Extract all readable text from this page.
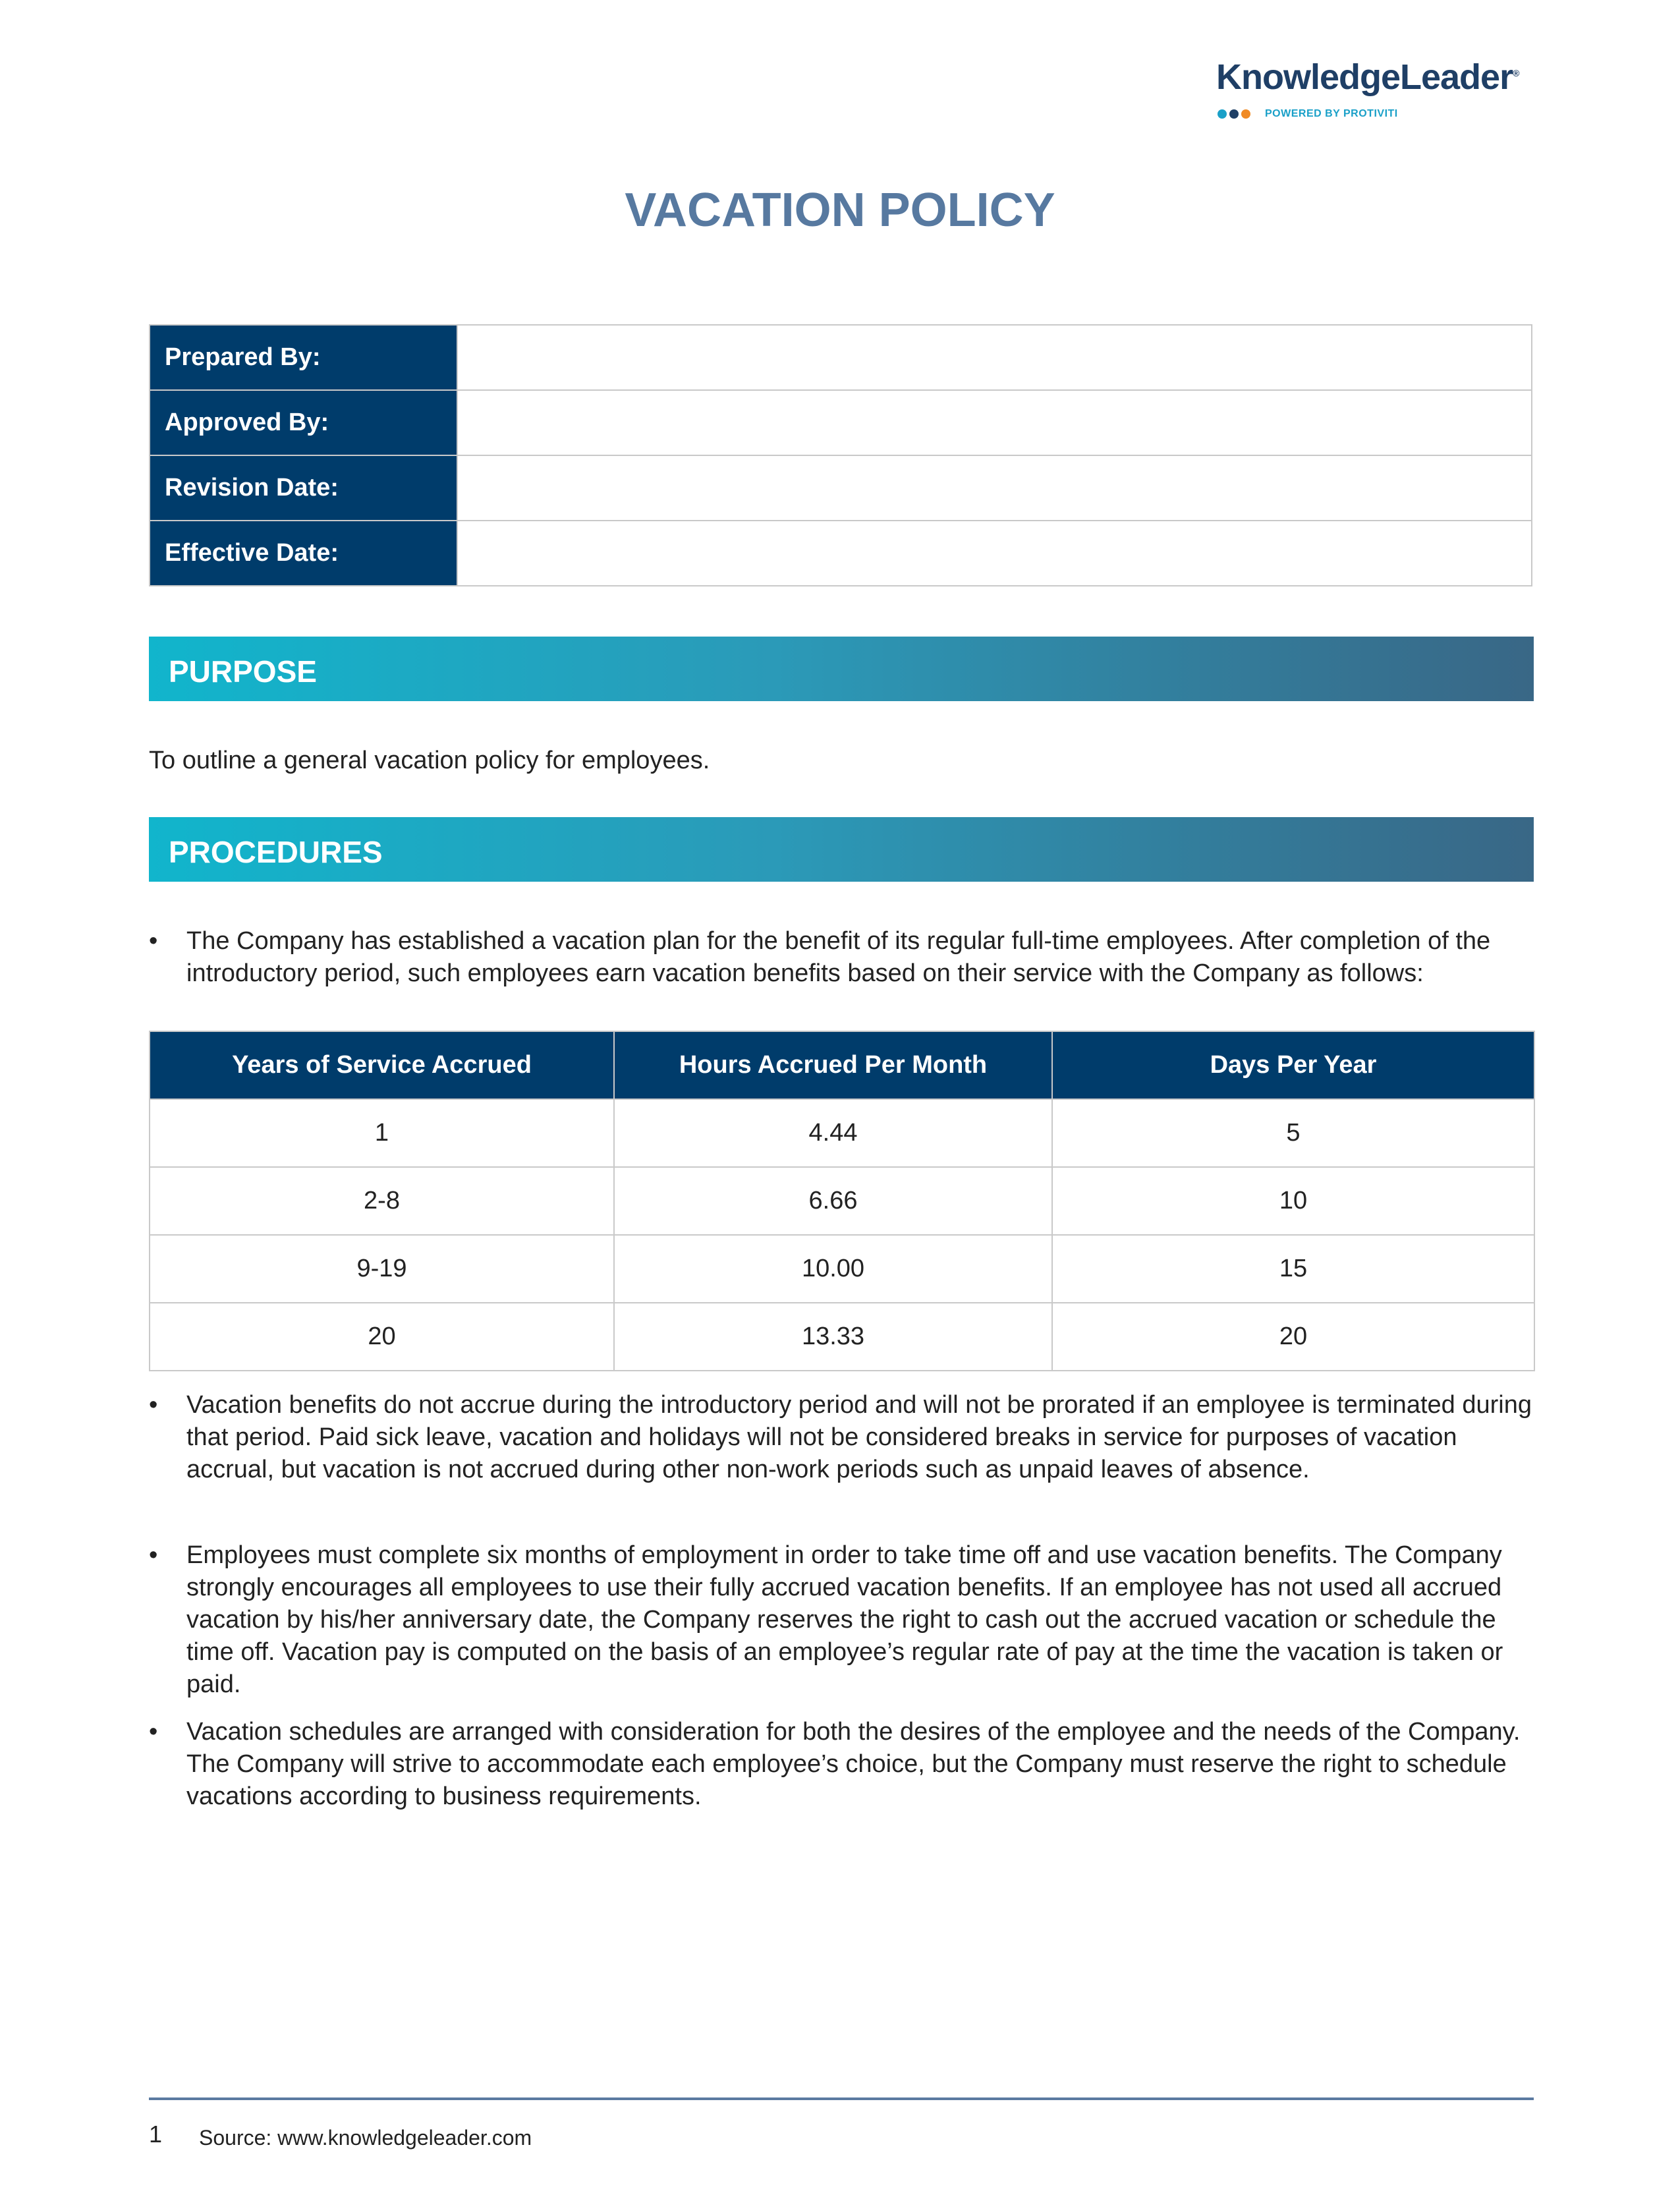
KnowledgeLeader®
POWERED BY PROTIVITI
VACATION POLICY
Prepared By:	
Approved By:	
Revision Date:	
Effective Date:	
PURPOSE
To outline a general vacation policy for employees.
PROCEDURES
•	The Company has established a vacation plan for the benefit of its regular full-time employees. After completion of the introductory period, such employees earn vacation benefits based on their service with the Company as follows:
Years of Service Accrued	Hours Accrued Per Month	Days Per Year
1	4.44	5
2-8	6.66	10
9-19	10.00	15
20	13.33	20
•	Vacation benefits do not accrue during the introductory period and will not be prorated if an employee is terminated during that period. Paid sick leave, vacation and holidays will not be considered breaks in service for purposes of vacation accrual, but vacation is not accrued during other non-work periods such as unpaid leaves of absence.
•	Employees must complete six months of employment in order to take time off and use vacation benefits. The Company strongly encourages all employees to use their fully accrued vacation benefits. If an employee has not used all accrued vacation by his/her anniversary date, the Company reserves the right to cash out the accrued vacation or schedule the time off. Vacation pay is computed on the basis of an employee’s regular rate of pay at the time the vacation is taken or paid.
•	Vacation schedules are arranged with consideration for both the desires of the employee and the needs of the Company. The Company will strive to accommodate each employee’s choice, but the Company must reserve the right to schedule vacations according to business requirements.
1 Source: www.knowledgeleader.com
